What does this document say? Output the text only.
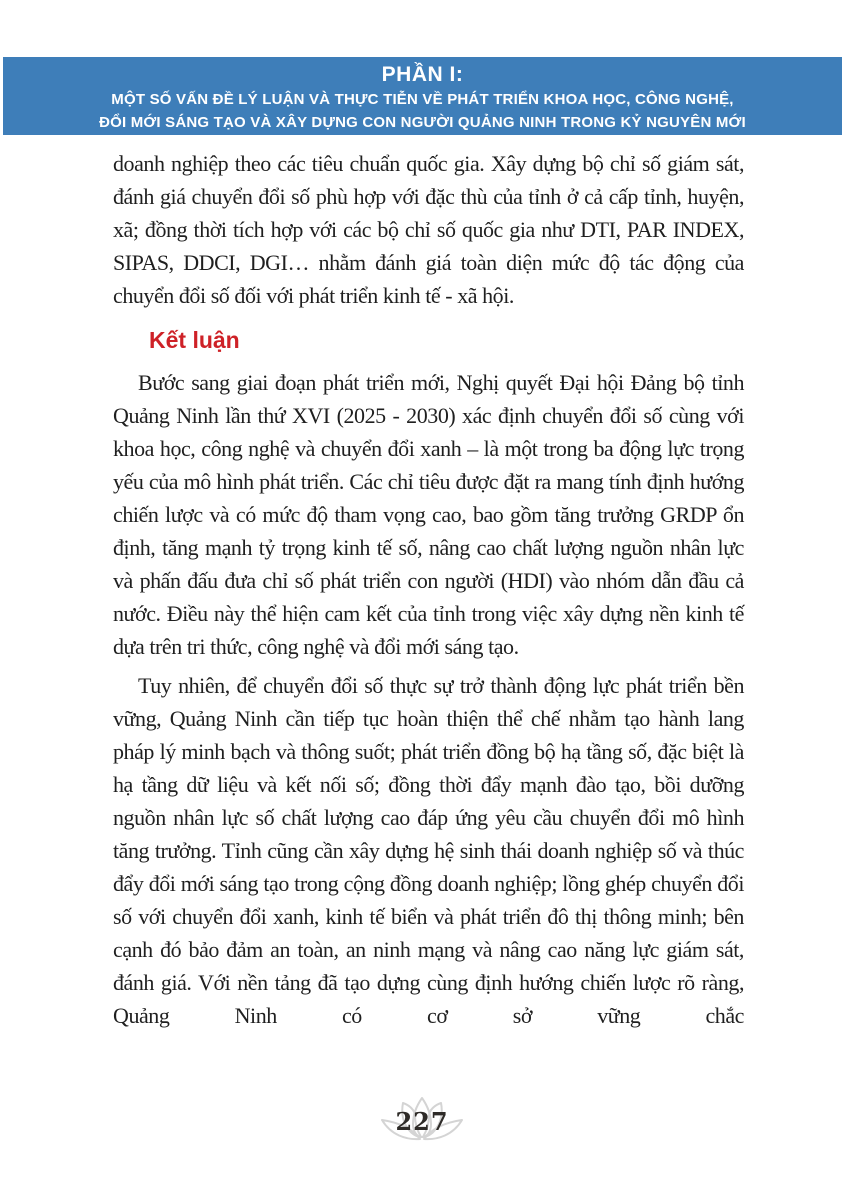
PHẦN I:
MỘT SỐ VẤN ĐỀ LÝ LUẬN VÀ THỰC TIỄN VỀ PHÁT TRIỂN KHOA HỌC, CÔNG NGHỆ,
ĐỔI MỚI SÁNG TẠO VÀ XÂY DỰNG CON NGƯỜI QUẢNG NINH TRONG KỶ NGUYÊN MỚI

doanh nghiệp theo các tiêu chuẩn quốc gia. Xây dựng bộ chỉ số giám sát, đánh giá chuyển đổi số phù hợp với đặc thù của tỉnh ở cả cấp tỉnh, huyện, xã; đồng thời tích hợp với các bộ chỉ số quốc gia như DTI, PAR INDEX, SIPAS, DDCI, DGI… nhằm đánh giá toàn diện mức độ tác động của chuyển đổi số đối với phát triển kinh tế - xã hội.

Kết luận

Bước sang giai đoạn phát triển mới, Nghị quyết Đại hội Đảng bộ tỉnh Quảng Ninh lần thứ XVI (2025 - 2030) xác định chuyển đổi số cùng với khoa học, công nghệ và chuyển đổi xanh – là một trong ba động lực trọng yếu của mô hình phát triển. Các chỉ tiêu được đặt ra mang tính định hướng chiến lược và có mức độ tham vọng cao, bao gồm tăng trưởng GRDP ổn định, tăng mạnh tỷ trọng kinh tế số, nâng cao chất lượng nguồn nhân lực và phấn đấu đưa chỉ số phát triển con người (HDI) vào nhóm dẫn đầu cả nước. Điều này thể hiện cam kết của tỉnh trong việc xây dựng nền kinh tế dựa trên tri thức, công nghệ và đổi mới sáng tạo.

Tuy nhiên, để chuyển đổi số thực sự trở thành động lực phát triển bền vững, Quảng Ninh cần tiếp tục hoàn thiện thể chế nhằm tạo hành lang pháp lý minh bạch và thông suốt; phát triển đồng bộ hạ tầng số, đặc biệt là hạ tầng dữ liệu và kết nối số; đồng thời đẩy mạnh đào tạo, bồi dưỡng nguồn nhân lực số chất lượng cao đáp ứng yêu cầu chuyển đổi mô hình tăng trưởng. Tỉnh cũng cần xây dựng hệ sinh thái doanh nghiệp số và thúc đẩy đổi mới sáng tạo trong cộng đồng doanh nghiệp; lồng ghép chuyển đổi số với chuyển đổi xanh, kinh tế biển và phát triển đô thị thông minh; bên cạnh đó bảo đảm an toàn, an ninh mạng và nâng cao năng lực giám sát, đánh giá. Với nền tảng đã tạo dựng cùng định hướng chiến lược rõ ràng, Quảng Ninh có cơ sở vững chắc

227
